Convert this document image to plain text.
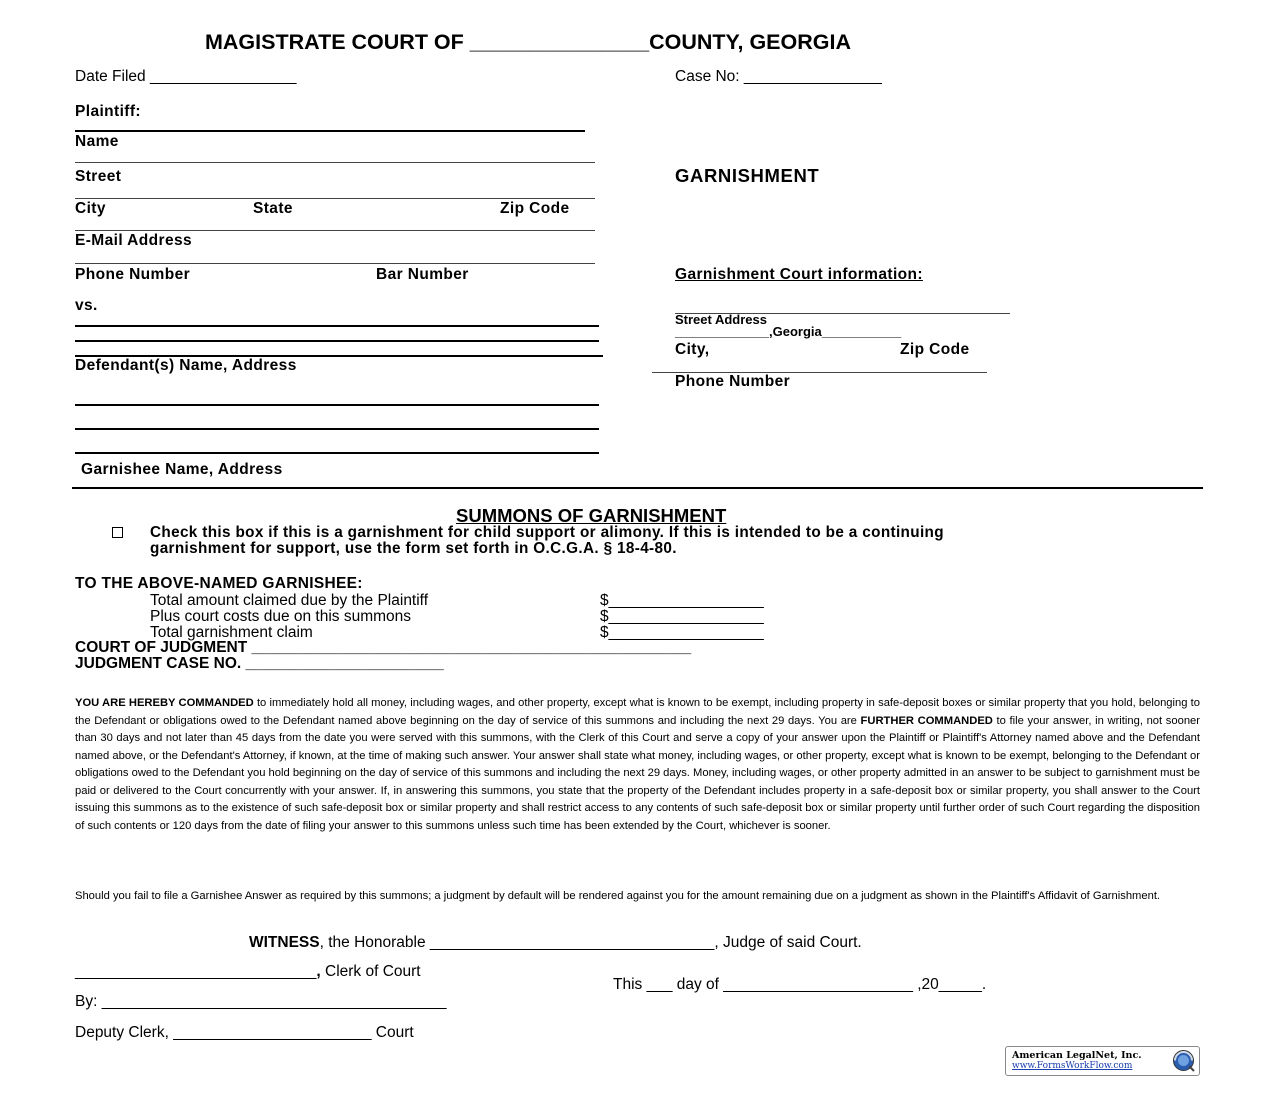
MAGISTRATE COURT OF _______________COUNTY, GEORGIA
Date Filed _________________	Case No: ________________
Plaintiff:
Name
Street
City	State	Zip Code
E-Mail Address
Phone Number	Bar Number
vs.
Defendant(s) Name, Address
Garnishee Name, Address
GARNISHMENT
Garnishment Court information:
Street Address
_____________,Georgia___________
City,	Zip Code
Phone Number
SUMMONS OF GARNISHMENT
Check this box if this is a garnishment for child support or alimony. If this is intended to be a continuing
garnishment for support, use the form set forth in O.C.G.A. § 18-4-80.
TO THE ABOVE-NAMED GARNISHEE:
Total amount claimed due by the Plaintiff	$__________________
Plus court costs due on this summons	$__________________
Total garnishment claim	$__________________
COURT OF JUDGMENT ___________________________________________________
JUDGMENT CASE NO. _______________________
YOU ARE HEREBY COMMANDED to immediately hold all money, including wages, and other property, except what is known to be exempt, including property in safe-deposit boxes or similar property that you hold, belonging to the Defendant or obligations owed to the Defendant named above beginning on the day of service of this summons and including the next 29 days. You are FURTHER COMMANDED to file your answer, in writing, not sooner than 30 days and not later than 45 days from the date you were served with this summons, with the Clerk of this Court and serve a copy of your answer upon the Plaintiff or Plaintiff's Attorney named above and the Defendant named above, or the Defendant's Attorney, if known, at the time of making such answer. Your answer shall state what money, including wages, or other property, except what is known to be exempt, belonging to the Defendant or obligations owed to the Defendant you hold beginning on the day of service of this summons and including the next 29 days. Money, including wages, or other property admitted in an answer to be subject to garnishment must be paid or delivered to the Court concurrently with your answer. If, in answering this summons, you state that the property of the Defendant includes property in a safe-deposit box or similar property, you shall answer to the Court issuing this summons as to the existence of such safe-deposit box or similar property and shall restrict access to any contents of such safe-deposit box or similar property until further order of such Court regarding the disposition of such contents or 120 days from the date of filing your answer to this summons unless such time has been extended by the Court, whichever is sooner.
Should you fail to file a Garnishee Answer as required by this summons; a judgment by default will be rendered against you for the amount remaining due on a judgment as shown in the Plaintiff's Affidavit of Garnishment.
WITNESS, the Honorable _________________________________, Judge of said Court.
____________________________, Clerk of Court
This ___ day of ______________________ ,20_____.
By: ________________________________________
Deputy Clerk, _______________________ Court
American LegalNet, Inc.
www.FormsWorkFlow.com
